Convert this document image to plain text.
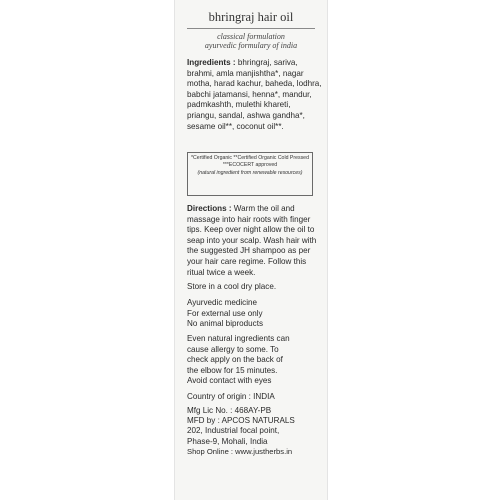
bhringraj hair oil
classical formulation
ayurvedic formulary of india
Ingredients : bhringraj, sariva,
brahmi, amla manjishtha*, nagar
motha, harad kachur, baheda, lodhra,
babchi jatamansi, henna*, mandur,
padmkashth, mulethi khareti,
priangu, sandal, ashwa gandha*,
sesame oil**, coconut oil**.
*Certified Organic **Certified Organic Cold Pressed
***ECOCERT approved
(natural ingredient from renewable resources)
Directions : Warm the oil and
massage into hair roots with finger
tips. Keep over night allow the oil to
seap into your scalp. Wash hair with
the suggested JH shampoo as per
your hair care regime. Follow this
ritual twice a week.
Store in a cool dry place.
Ayurvedic medicine
For external use only
No animal biproducts
Even natural ingredients can
cause allergy to some. To
check apply on the back of
the elbow for 15 minutes.
Avoid contact with eyes
Country of origin : INDIA
Mfg Lic No. : 468AY-PB
MFD by : APCOS NATURALS
202, Industrial focal point,
Phase-9, Mohali, India
Shop Online : www.justherbs.in
